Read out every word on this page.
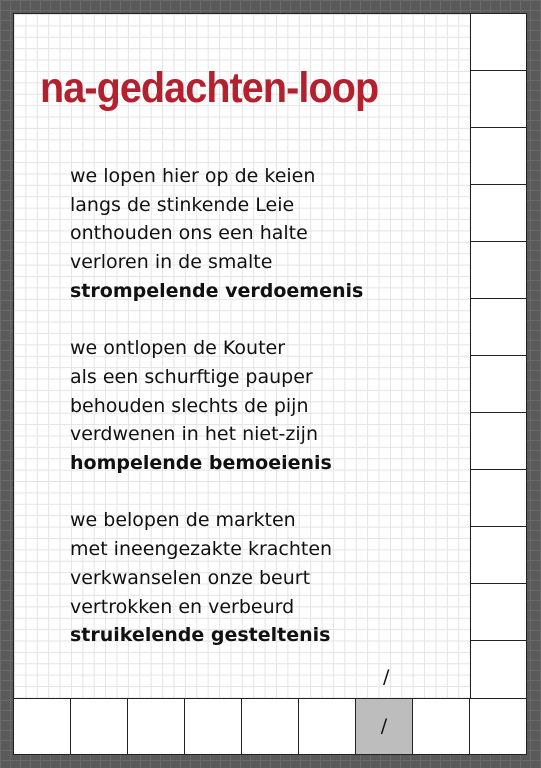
na-gedachten-loop
we lopen hier op de keien
langs de stinkende Leie
onthouden ons een halte
verloren in de smalte
strompelende verdoemenis
we ontlopen de Kouter
als een schurftige pauper
behouden slechts de pijn
verdwenen in het niet-zijn
hompelende bemoeienis
we belopen de markten
met ineengezakte krachten
verkwanselen onze beurt
vertrokken en verbeurd
struikelende gesteltenis
/
/
